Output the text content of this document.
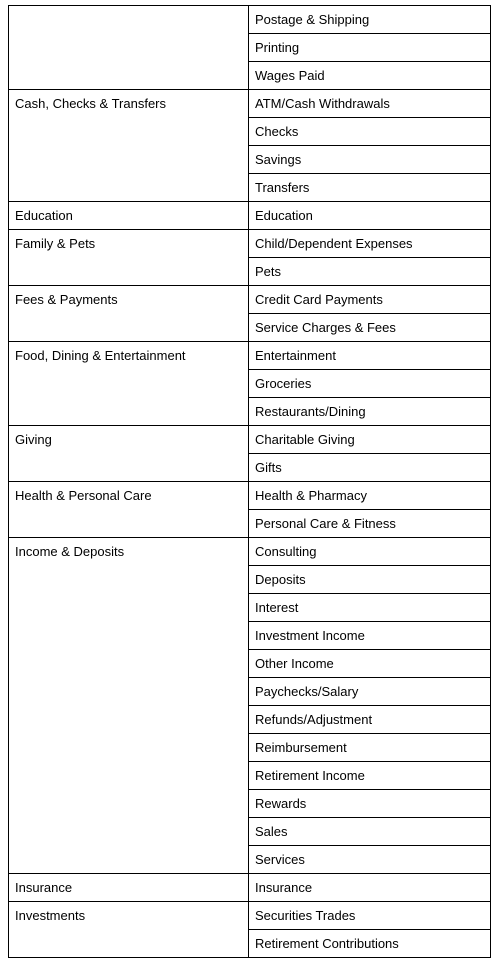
	Postage & Shipping
	Printing
	Wages Paid
Cash, Checks & Transfers	ATM/Cash Withdrawals
	Checks
	Savings
	Transfers
Education	Education
Family & Pets	Child/Dependent Expenses
	Pets
Fees & Payments	Credit Card Payments
	Service Charges & Fees
Food, Dining & Entertainment	Entertainment
	Groceries
	Restaurants/Dining
Giving	Charitable Giving
	Gifts
Health & Personal Care	Health & Pharmacy
	Personal Care & Fitness
Income & Deposits	Consulting
	Deposits
	Interest
	Investment Income
	Other Income
	Paychecks/Salary
	Refunds/Adjustment
	Reimbursement
	Retirement Income
	Rewards
	Sales
	Services
Insurance	Insurance
Investments	Securities Trades
	Retirement Contributions
